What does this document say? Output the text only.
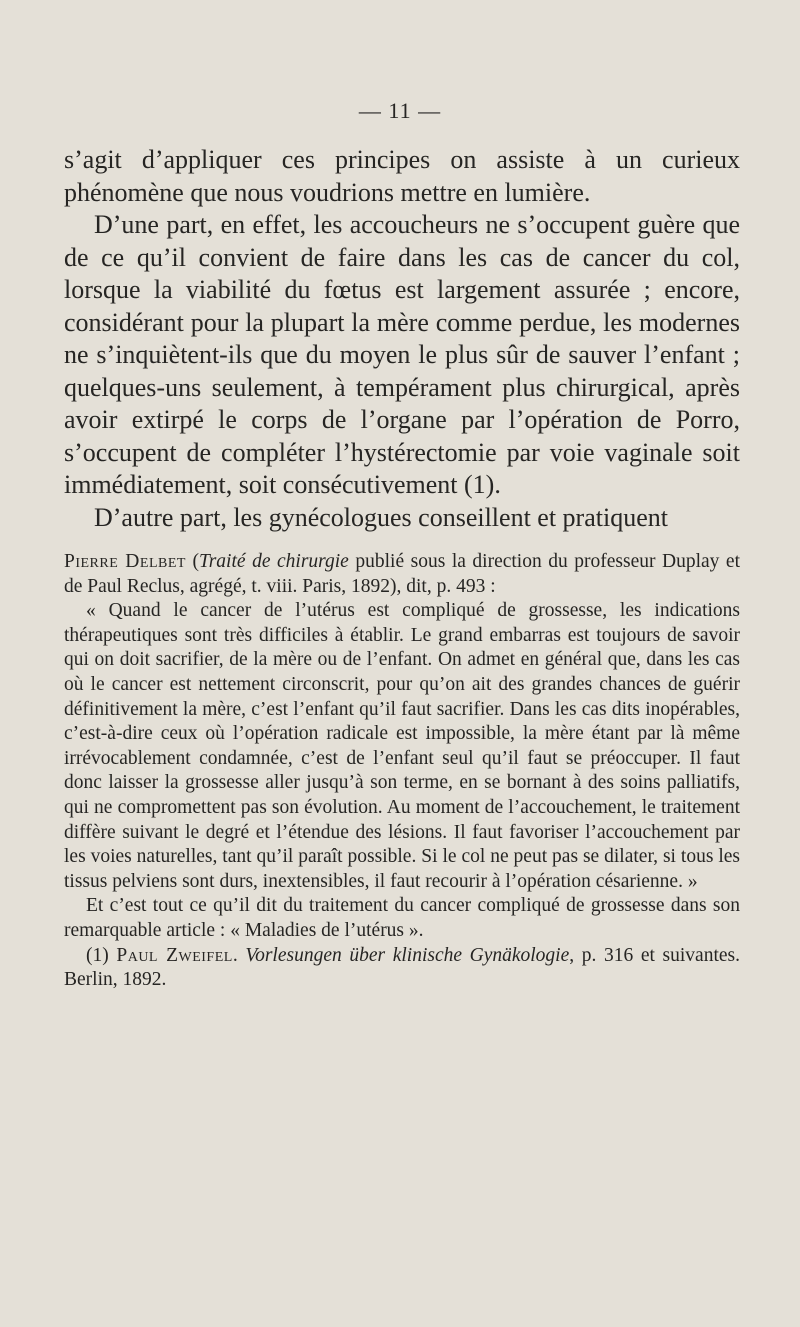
— 11 —

s’agit d’appliquer ces principes on assiste à un curieux phénomène que nous voudrions mettre en lumière.
D’une part, en effet, les accoucheurs ne s’occupent guère que de ce qu’il convient de faire dans les cas de cancer du col, lorsque la viabilité du fœtus est largement assurée ; encore, considérant pour la plupart la mère comme perdue, les modernes ne s’inquiètent-ils que du moyen le plus sûr de sauver l’enfant ; quelques-uns seulement, à tempérament plus chirurgical, après avoir extirpé le corps de l’organe par l’opération de Porro, s’occupent de compléter l’hystérectomie par voie vaginale soit immédiatement, soit consécutivement (1).
D’autre part, les gynécologues conseillent et pratiquent

Pierre Delbet (Traité de chirurgie publié sous la direction du professeur Duplay et de Paul Reclus, agrégé, t. viii. Paris, 1892), dit, p. 493 :

« Quand le cancer de l’utérus est compliqué de grossesse, les indications thérapeutiques sont très difficiles à établir. Le grand embarras est toujours de savoir qui on doit sacrifier, de la mère ou de l’enfant. On admet en général que, dans les cas où le cancer est nettement circonscrit, pour qu’on ait des grandes chances de guérir définitivement la mère, c’est l’enfant qu’il faut sacrifier. Dans les cas dits inopérables, c’est-à-dire ceux où l’opération radicale est impossible, la mère étant par là même irrévocablement condamnée, c’est de l’enfant seul qu’il faut se préoccuper. Il faut donc laisser la grossesse aller jusqu’à son terme, en se bornant à des soins palliatifs, qui ne compromettent pas son évolution. Au moment de l’accouchement, le traitement diffère suivant le degré et l’étendue des lésions. Il faut favoriser l’accouchement par les voies naturelles, tant qu’il paraît possible. Si le col ne peut pas se dilater, si tous les tissus pelviens sont durs, inextensibles, il faut recourir à l’opération césarienne. »

Et c’est tout ce qu’il dit du traitement du cancer compliqué de grossesse dans son remarquable article : « Maladies de l’utérus ».

(1) Paul Zweifel. Vorlesungen über klinische Gynäkologie, p. 316 et suivantes. Berlin, 1892.
